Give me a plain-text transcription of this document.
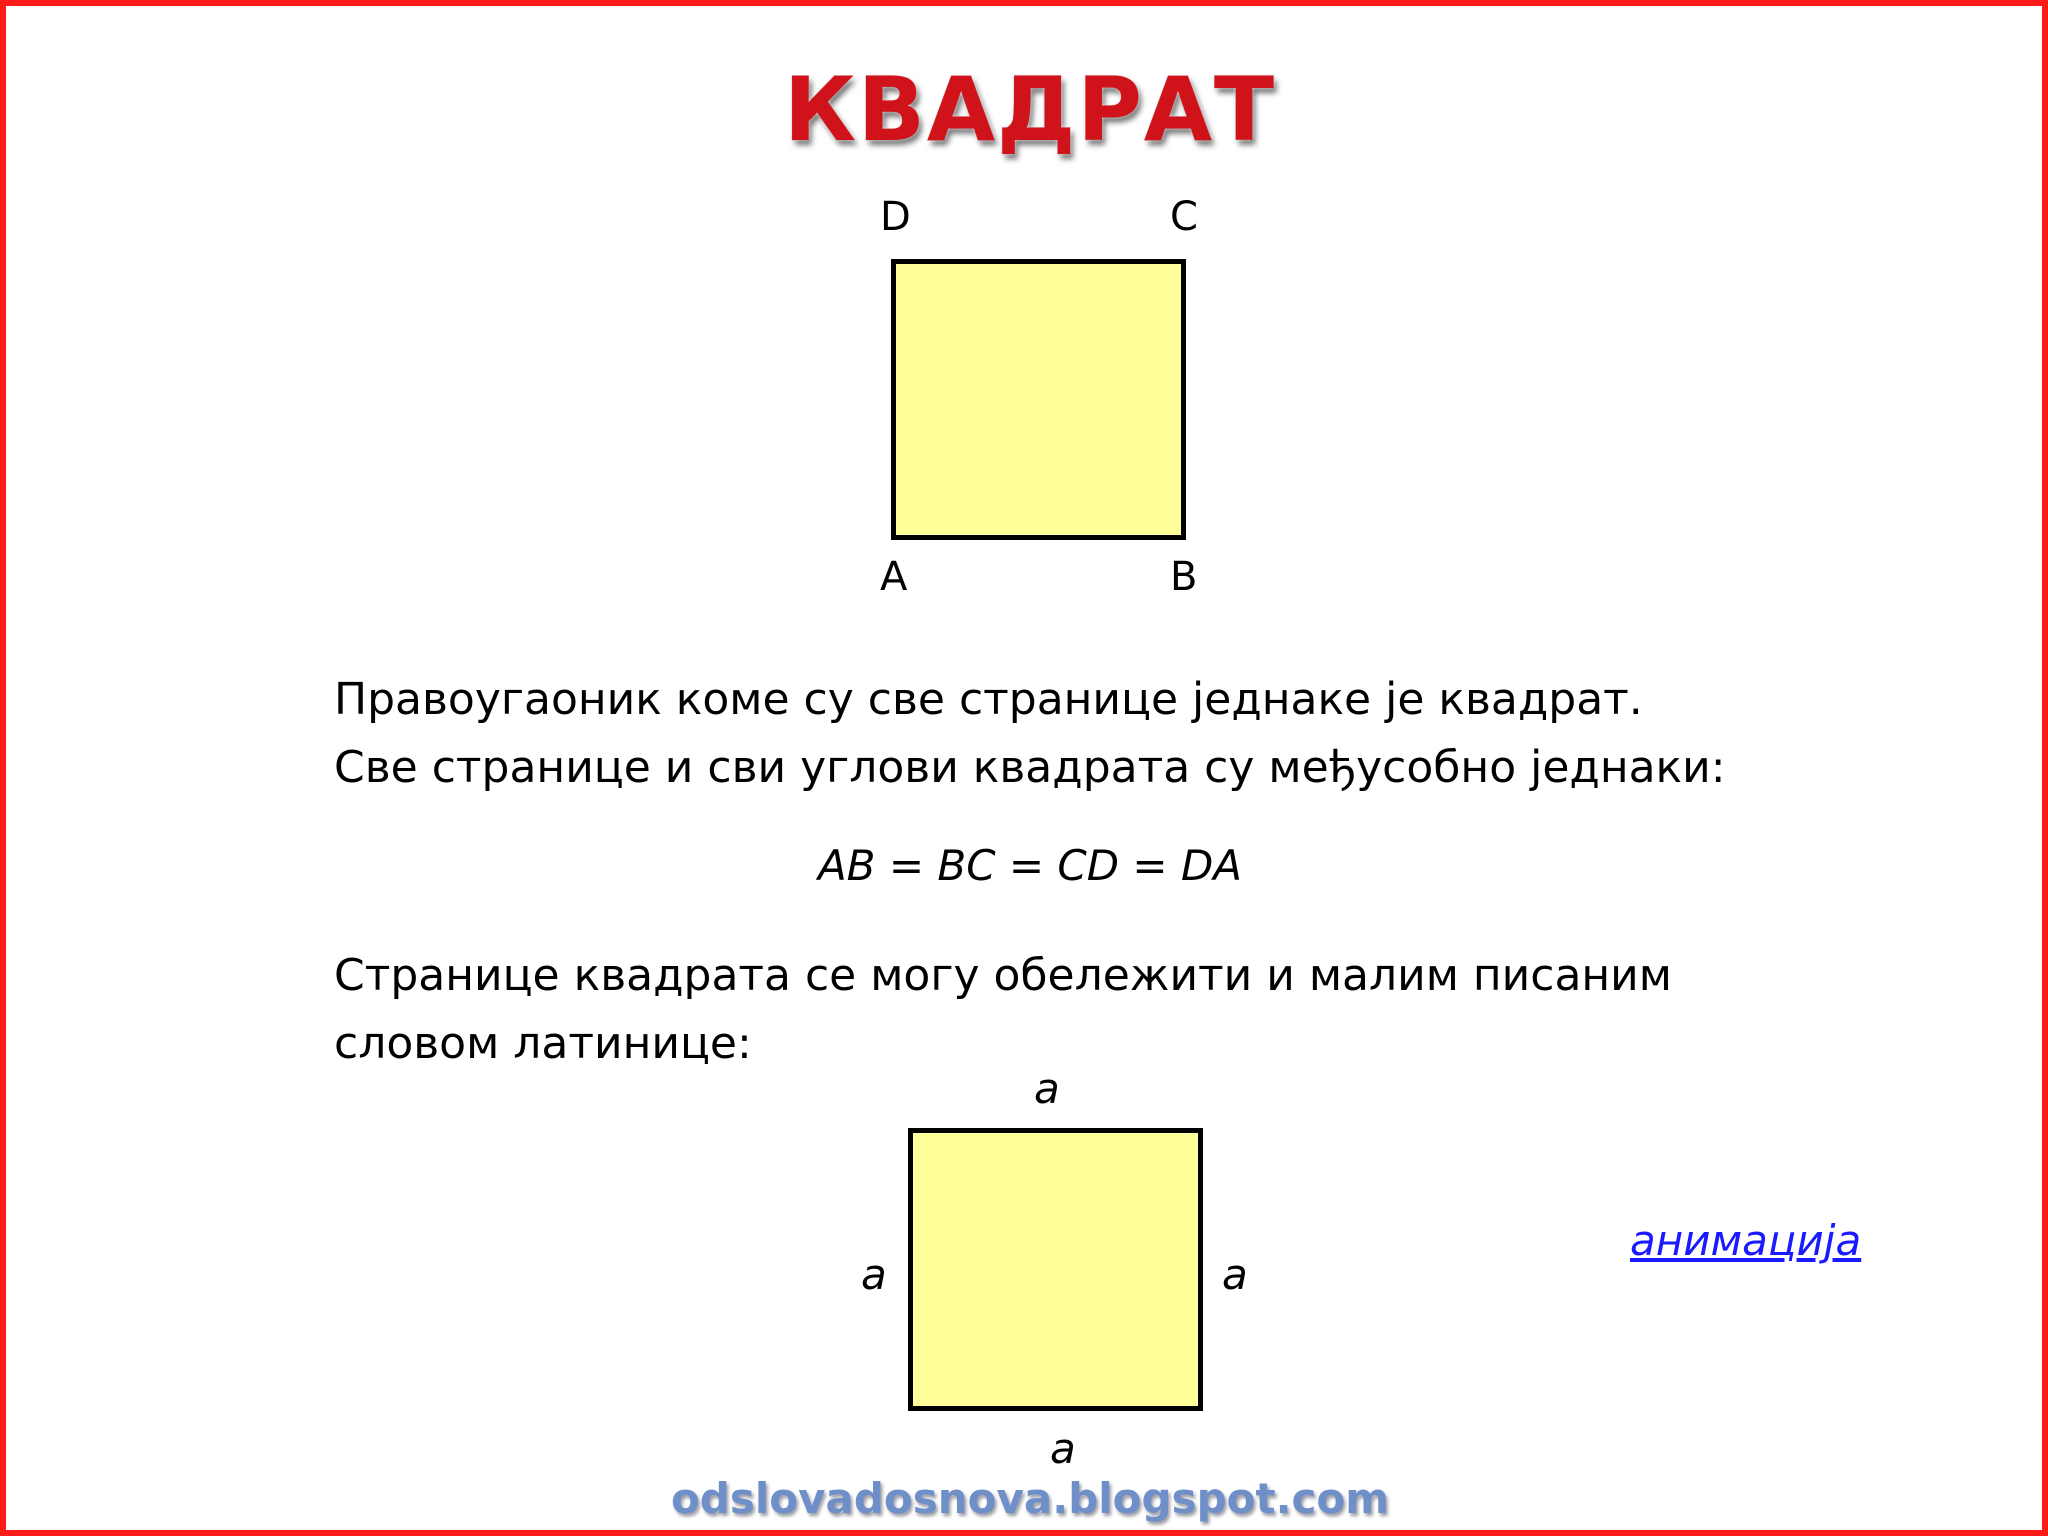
КВАДРАТ
D	C
A	B
Правоугаоник коме су све странице једнаке је квадрат.
Све странице и сви углови квадрата су међусобно једнаки:
AB = BC = CD = DA
Странице квадрата се могу обележити и малим писаним
словом латинице:
a
a	a
a
анимација
odslovadosnova.blogspot.com
